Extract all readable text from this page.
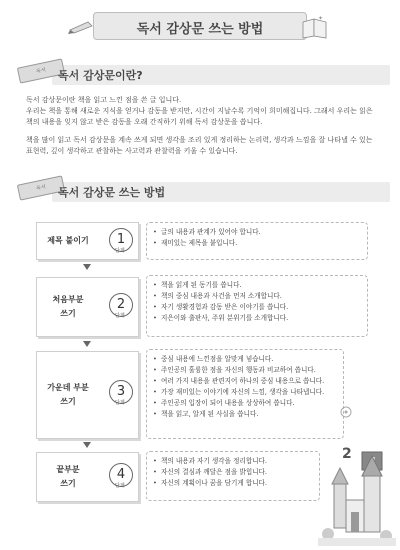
독서 감상문 쓰는 방법
✦
독서	독서 감상문이란?
독서 감상문이란 책을 읽고 느낀 점을 쓴 글 입니다.
우리는 책을 통해 새로운 지식을 얻거나 감동을 받지만, 시간이 지날수록 기억이 희미해집니다. 그래서 우리는 읽은 책의 내용을 잊지 않고 받은 감동을 오래 간직하기 위해 독서 감상문을 씁니다.
책을 많이 읽고 독서 감상문을 계속 쓰게 되면 생각을 조리 있게 정리하는 논리력, 생각과 느낌을 잘 나타낼 수 있는 표현력, 깊이 생각하고 관찰하는 사고력과 관찰력을 키울 수 있습니다.
독서	독서 감상문 쓰는 방법
제목 붙이기	1
단계
• 글의 내용과 관계가 있어야 합니다.
• 재미있는 제목을 붙입니다.
처음부분
쓰기
2
단계
• 책을 읽게 된 동기를 씁니다.
• 책의 중심 내용과 사건을 먼저 소개합니다.
• 자기 생활경험과 감동 받은 이야기를 씁니다.
• 지은이와 출판사, 주위 분위기를 소개합니다.
가운데 부분
쓰기
3
단계
• 중심 내용에 느낀점을 알맞게 넣습니다.
• 주인공의 훌륭한 점을 자신의 행동과 비교하여 씁니다.
• 여러 가지 내용을 관련지어 하나의 중심 내용으로 씁니다.
• 가장 재미있는 이야기에 자신의 느낌, 생각을 나타냅니다.
• 주인공의 입장이 되어 내용을 상상하여 씁니다.
• 책을 읽고, 알게 된 사실을 씁니다.
끝부분
쓰기
4
단계
• 책의 내용과 자기 생각을 정리합니다.
• 자신의 결심과 깨달은 점을 밝힙니다.
• 자신의 계획이나 꿈을 담기게 합니다.
2
